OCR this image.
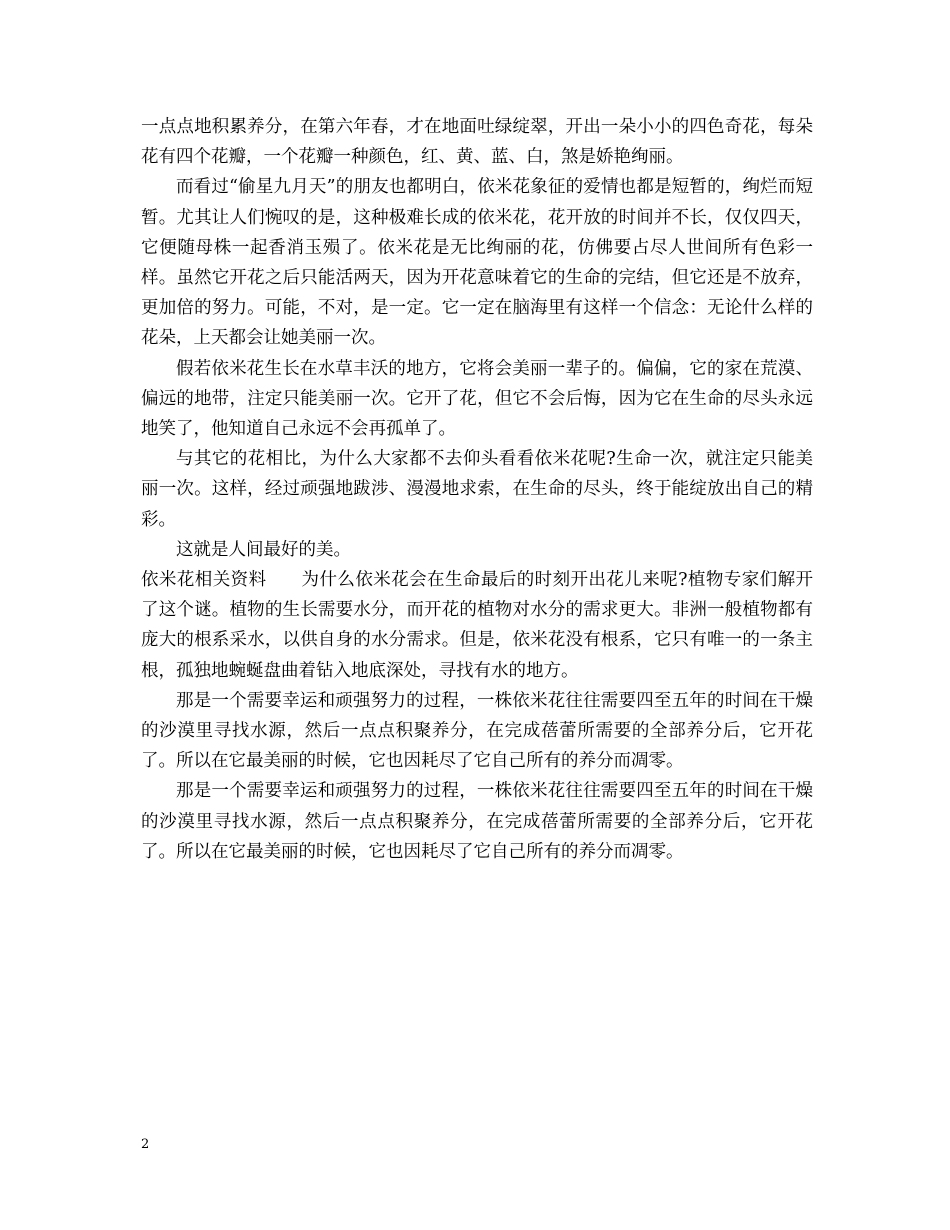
一点点地积累养分，在第六年春，才在地面吐绿绽翠，开出一朵小小的四色奇花，每朵花有四个花瓣，一个花瓣一种颜色，红、黄、蓝、白，煞是娇艳绚丽。

而看过“偷星九月天”的朋友也都明白，依米花象征的爱情也都是短暂的，绚烂而短暂。尤其让人们惋叹的是，这种极难长成的依米花，花开放的时间并不长，仅仅四天，它便随母株一起香消玉殒了。依米花是无比绚丽的花，仿佛要占尽人世间所有色彩一样。虽然它开花之后只能活两天，因为开花意味着它的生命的完结，但它还是不放弃，更加倍的努力。可能，不对，是一定。它一定在脑海里有这样一个信念：无论什么样的花朵，上天都会让她美丽一次。

假若依米花生长在水草丰沃的地方，它将会美丽一辈子的。偏偏，它的家在荒漠、偏远的地带，注定只能美丽一次。它开了花，但它不会后悔，因为它在生命的尽头永远地笑了，他知道自己永远不会再孤单了。

与其它的花相比，为什么大家都不去仰头看看依米花呢?生命一次，就注定只能美丽一次。这样，经过顽强地跋涉、漫漫地求索，在生命的尽头，终于能绽放出自己的精彩。

这就是人间最好的美。

依米花相关资料 为什么依米花会在生命最后的时刻开出花儿来呢?植物专家们解开了这个谜。植物的生长需要水分，而开花的植物对水分的需求更大。非洲一般植物都有庞大的根系采水，以供自身的水分需求。但是，依米花没有根系，它只有唯一的一条主根，孤独地蜿蜒盘曲着钻入地底深处，寻找有水的地方。

那是一个需要幸运和顽强努力的过程，一株依米花往往需要四至五年的时间在干燥的沙漠里寻找水源，然后一点点积聚养分，在完成蓓蕾所需要的全部养分后，它开花了。所以在它最美丽的时候，它也因耗尽了它自己所有的养分而凋零。

那是一个需要幸运和顽强努力的过程，一株依米花往往需要四至五年的时间在干燥的沙漠里寻找水源，然后一点点积聚养分，在完成蓓蕾所需要的全部养分后，它开花了。所以在它最美丽的时候，它也因耗尽了它自己所有的养分而凋零。

2
